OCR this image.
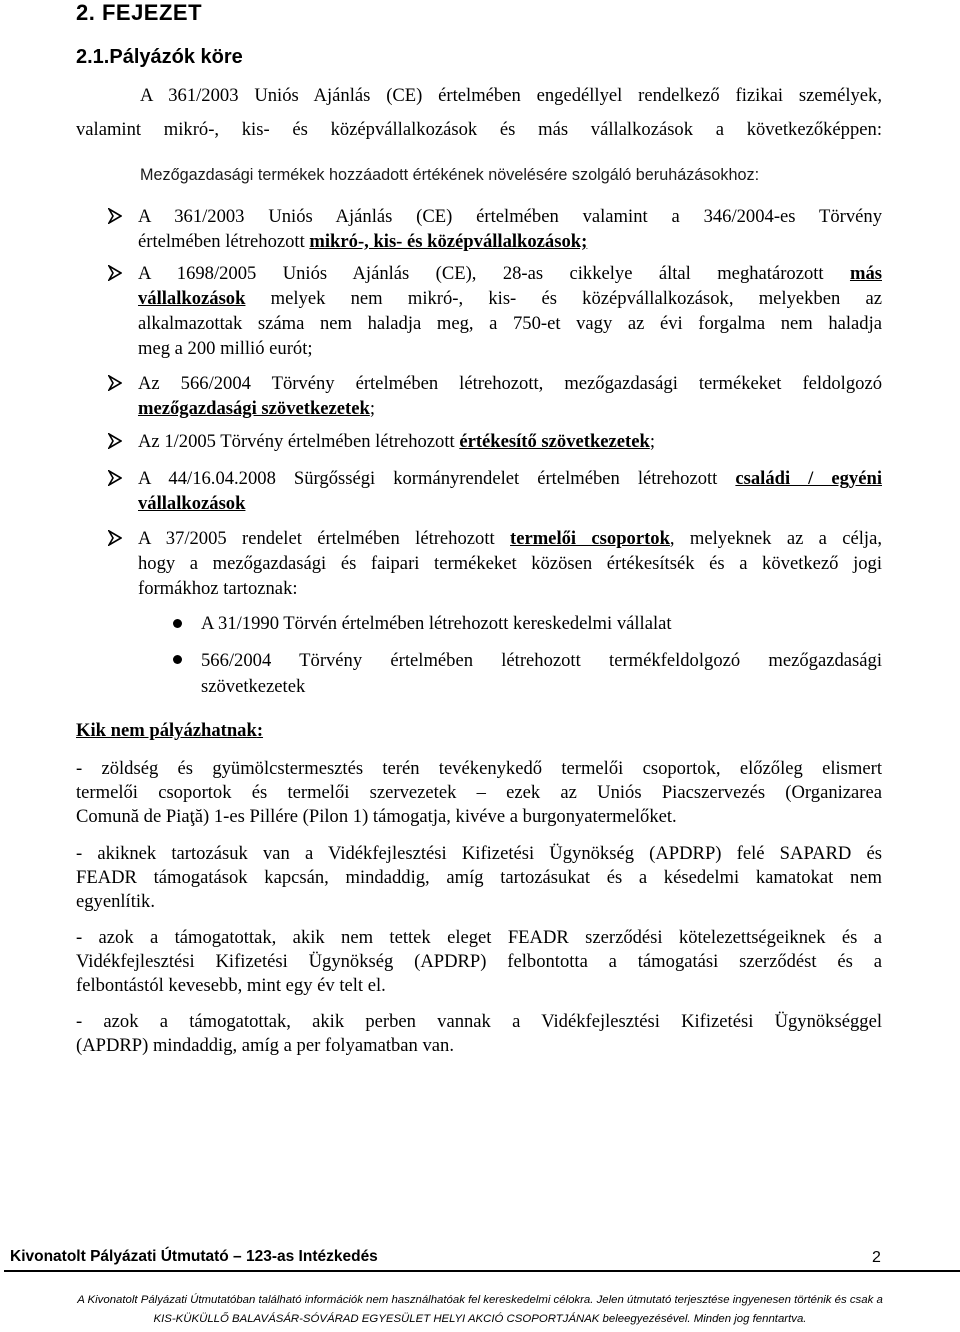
2. FEJEZET
2.1.Pályázók köre
A 361/2003 Uniós Ajánlás (CE) értelmében engedéllyel rendelkező fizikai személyek,
valamint mikró-, kis- és középvállalkozások és más vállalkozások a következőképpen:
Mezőgazdasági termékek hozzáadott értékének növelésére szolgáló beruházásokhoz:
A 361/2003 Uniós Ajánlás (CE) értelmében valamint a 346/2004-es Törvény
értelmében létrehozott mikró-, kis- és középvállalkozások;
A 1698/2005 Uniós Ajánlás (CE), 28-as cikkelye által meghatározott más
vállalkozások melyek nem mikró-, kis- és középvállalkozások, melyekben az
alkalmazottak száma nem haladja meg, a 750-et vagy az évi forgalma nem haladja
meg a 200 millió eurót;
Az 566/2004 Törvény értelmében létrehozott, mezőgazdasági termékeket feldolgozó
mezőgazdasági szövetkezetek;
Az 1/2005 Törvény értelmében létrehozott értékesítő szövetkezetek;
A 44/16.04.2008 Sürgősségi kormányrendelet értelmében létrehozott családi / egyéni
vállalkozások
A 37/2005 rendelet értelmében létrehozott termelői csoportok, melyeknek az a célja,
hogy a mezőgazdasági és faipari termékeket közösen értékesítsék és a következő jogi
formákhoz tartoznak:
A 31/1990 Törvén értelmében létrehozott kereskedelmi vállalat
566/2004 Törvény értelmében létrehozott termékfeldolgozó mezőgazdasági
szövetkezetek
Kik nem pályázhatnak:
- zöldség és gyümölcstermesztés terén tevékenykedő termelői csoportok, előzőleg elismert
termelői csoportok és termelői szervezetek – ezek az Uniós Piacszervezés (Organizarea
Comună de Piaţă) 1-es Pillére (Pilon 1) támogatja, kivéve a burgonyatermelőket.
- akiknek tartozásuk van a Vidékfejlesztési Kifizetési Ügynökség (APDRP) felé SAPARD és
FEADR támogatások kapcsán, mindaddig, amíg tartozásukat és a késedelmi kamatokat nem
egyenlítik.
- azok a támogatottak, akik nem tettek eleget FEADR szerződési kötelezettségeiknek és a
Vidékfejlesztési Kifizetési Ügynökség (APDRP) felbontotta a támogatási szerződést és a
felbontástól kevesebb, mint egy év telt el.
- azok a támogatottak, akik perben vannak a Vidékfejlesztési Kifizetési Ügynökséggel
(APDRP) mindaddig, amíg a per folyamatban van.
Kivonatolt Pályázati Útmutató – 123-as Intézkedés	2
A Kivonatolt Pályázati Útmutatóban található információk nem használhatóak fel kereskedelmi célokra. Jelen útmutató terjesztése ingyenesen történik és csak a
KIS-KÜKÜLLŐ BALAVÁSÁR-SÓVÁRAD EGYESÜLET HELYI AKCIÓ CSOPORTJÁNAK beleegyezésével. Minden jog fenntartva.
